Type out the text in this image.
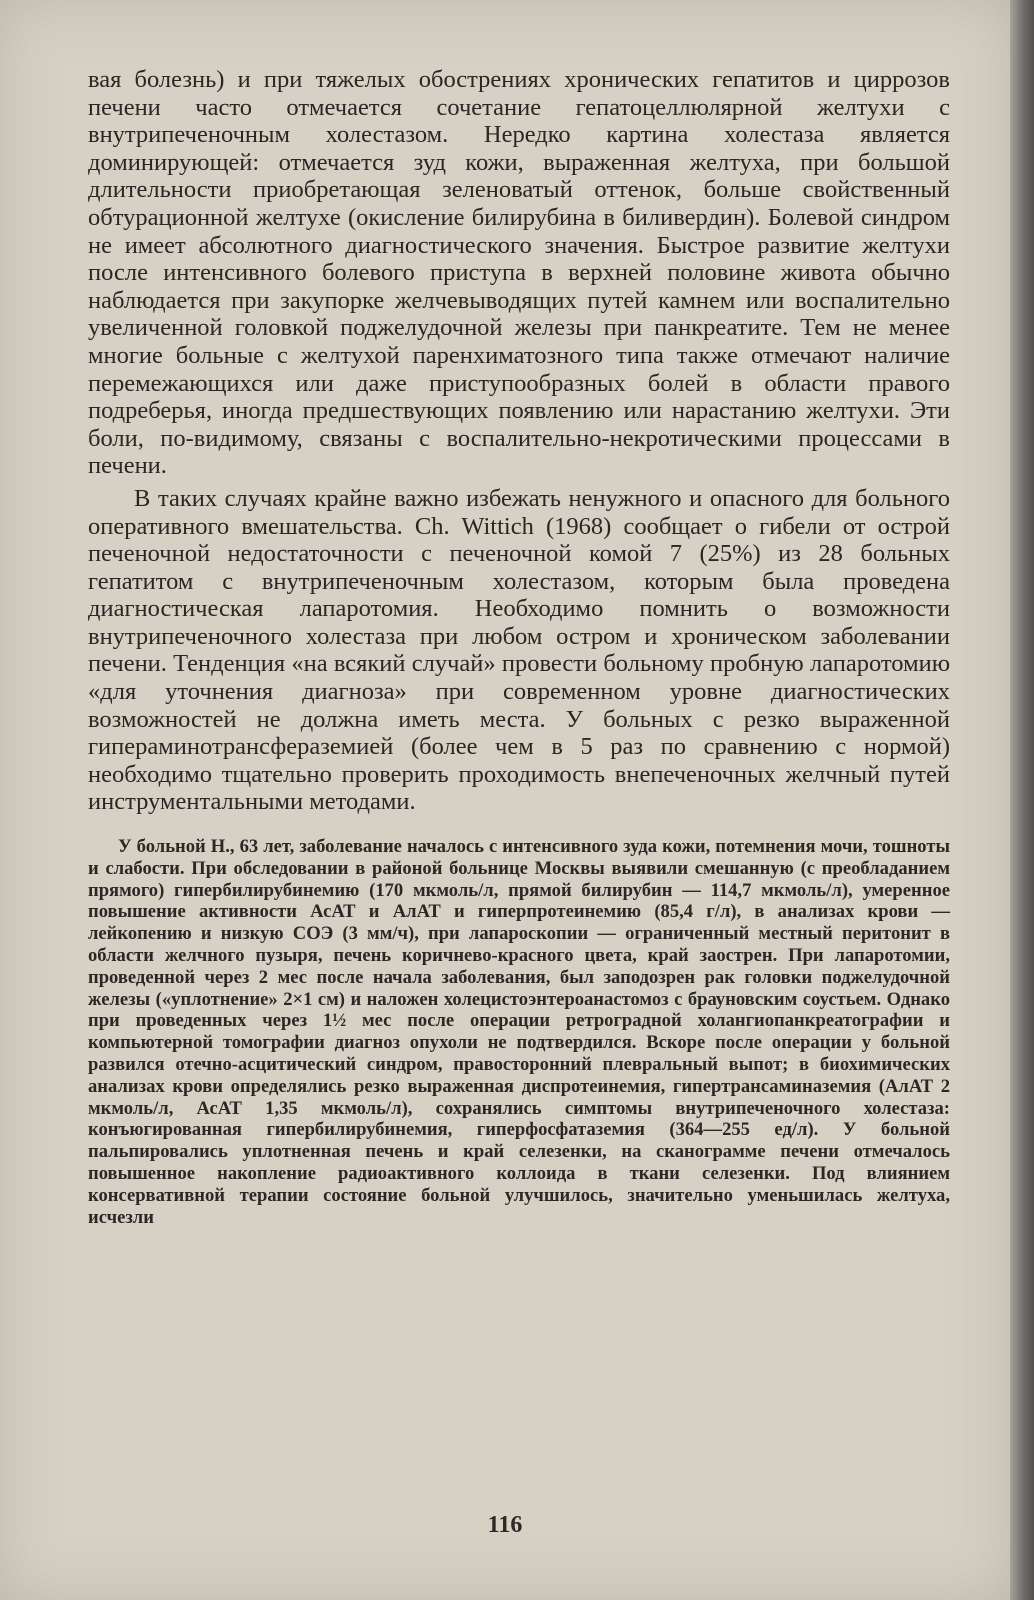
вая болезнь) и при тяжелых обострениях хронических гепатитов и циррозов печени часто отмечается сочетание гепатоцеллюлярной желтухи с внутрипеченочным холестазом. Нередко картина холестаза является доминирующей: отмечается зуд кожи, выраженная желтуха, при большой длительности приобретающая зеленоватый оттенок, больше свойственный обтурационной желтухе (окисление билирубина в биливердин). Болевой синдром не имеет абсолютного диагностического значения. Быстрое развитие желтухи после интенсивного болевого приступа в верхней половине живота обычно наблюдается при закупорке желчевыводящих путей камнем или воспалительно увеличенной головкой поджелудочной железы при панкреатите. Тем не менее многие больные с желтухой паренхиматозного типа также отмечают наличие перемежающихся или даже приступообразных болей в области правого подреберья, иногда предшествующих появлению или нарастанию желтухи. Эти боли, по-видимому, связаны с воспалительно-некротическими процессами в печени.

В таких случаях крайне важно избежать ненужного и опасного для больного оперативного вмешательства. Ch. Wittich (1968) сообщает о гибели от острой печеночной недостаточности с печеночной комой 7 (25%) из 28 больных гепатитом с внутрипеченочным холестазом, которым была проведена диагностическая лапаротомия. Необходимо помнить о возможности внутрипеченочного холестаза при любом остром и хроническом заболевании печени. Тенденция «на всякий случай» провести больному пробную лапаротомию «для уточнения диагноза» при современном уровне диагностических возможностей не должна иметь места. У больных с резко выраженной гипераминотрансфераземией (более чем в 5 раз по сравнению с нормой) необходимо тщательно проверить проходимость внепеченочных желчный путей инструментальными методами.

У больной Н., 63 лет, заболевание началось с интенсивного зуда кожи, потемнения мочи, тошноты и слабости. При обследовании в районой больнице Москвы выявили смешанную (с преобладанием прямого) гипербилирубинемию (170 мкмоль/л, прямой билирубин — 114,7 мкмоль/л), умеренное повышение активности АсАТ и АлАТ и гиперпротеинемию (85,4 г/л), в анализах крови — лейкопению и низкую СОЭ (3 мм/ч), при лапароскопии — ограниченный местный перитонит в области желчного пузыря, печень коричнево-красного цвета, край заострен. При лапаротомии, проведенной через 2 мес после начала заболевания, был заподозрен рак головки поджелудочной железы («уплотнение» 2×1 см) и наложен холецистоэнтероанастомоз с брауновским соустьем. Однако при проведенных через 1½ мес после операции ретроградной холангиопанкреатографии и компьютерной томографии диагноз опухоли не подтвердился. Вскоре после операции у больной развился отечно-асцитический синдром, правосторонний плевральный выпот; в биохимических анализах крови определялись резко выраженная диспротеинемия, гипертрансаминаземия (АлАТ 2 мкмоль/л, АсАТ 1,35 мкмоль/л), сохранялись симптомы внутрипеченочного холестаза: конъюгированная гипербилирубинемия, гиперфосфатаземия (364—255 ед/л). У больной пальпировались уплотненная печень и край селезенки, на сканограмме печени отмечалось повышенное накопление радиоактивного коллоида в ткани селезенки. Под влиянием консервативной терапии состояние больной улучшилось, значительно уменьшилась желтуха, исчезли

116
